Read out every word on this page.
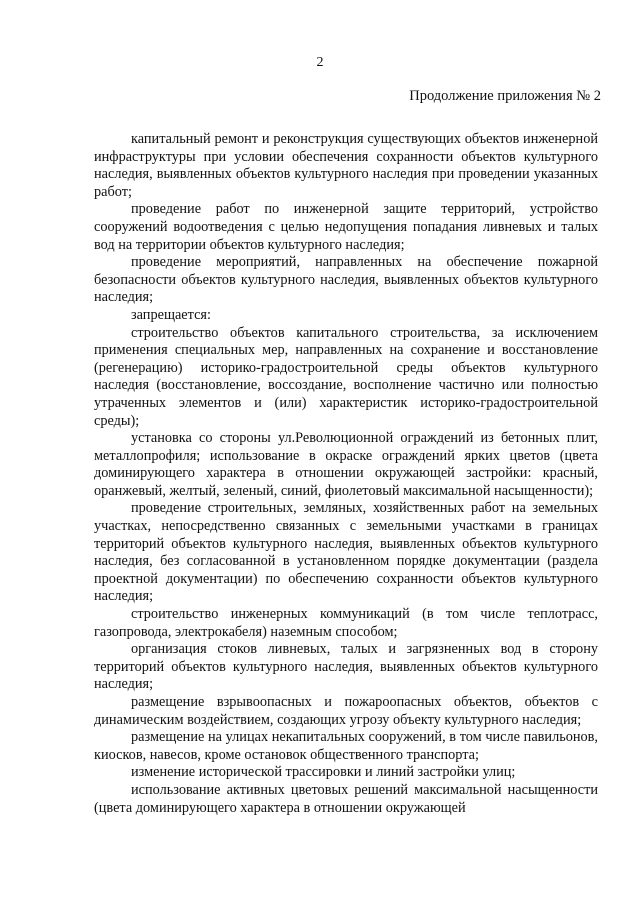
2
Продолжение приложения № 2

капитальный ремонт и реконструкция существующих объектов инженерной инфраструктуры при условии обеспечения сохранности объектов культурного наследия, выявленных объектов культурного наследия при проведении указанных работ;

проведение работ по инженерной защите территорий, устройство сооружений водоотведения с целью недопущения попадания ливневых и талых вод на территории объектов культурного наследия;

проведение мероприятий, направленных на обеспечение пожарной безопасности объектов культурного наследия, выявленных объектов культурного наследия;

запрещается:

строительство объектов капитального строительства, за исключением применения специальных мер, направленных на сохранение и восстановление (регенерацию) историко-градостроительной среды объектов культурного наследия (восстановление, воссоздание, восполнение частично или полностью утраченных элементов и (или) характеристик историко-градостроительной среды);

установка со стороны ул.Революционной ограждений из бетонных плит, металлопрофиля; использование в окраске ограждений ярких цветов (цвета доминирующего характера в отношении окружающей застройки: красный, оранжевый, желтый, зеленый, синий, фиолетовый максимальной насыщенности);

проведение строительных, земляных, хозяйственных работ на земельных участках, непосредственно связанных с земельными участками в границах территорий объектов культурного наследия, выявленных объектов культурного наследия, без согласованной в установленном порядке документации (раздела проектной документации) по обеспечению сохранности объектов культурного наследия;

строительство инженерных коммуникаций (в том числе теплотрасс, газопровода, электрокабеля) наземным способом;

организация стоков ливневых, талых и загрязненных вод в сторону территорий объектов культурного наследия, выявленных объектов культурного наследия;

размещение взрывоопасных и пожароопасных объектов, объектов с динамическим воздействием, создающих угрозу объекту культурного наследия;

размещение на улицах некапитальных сооружений, в том числе павильонов, киосков, навесов, кроме остановок общественного транспорта;

изменение исторической трассировки и линий застройки улиц;

использование активных цветовых решений максимальной насыщенности (цвета доминирующего характера в отношении окружающей
